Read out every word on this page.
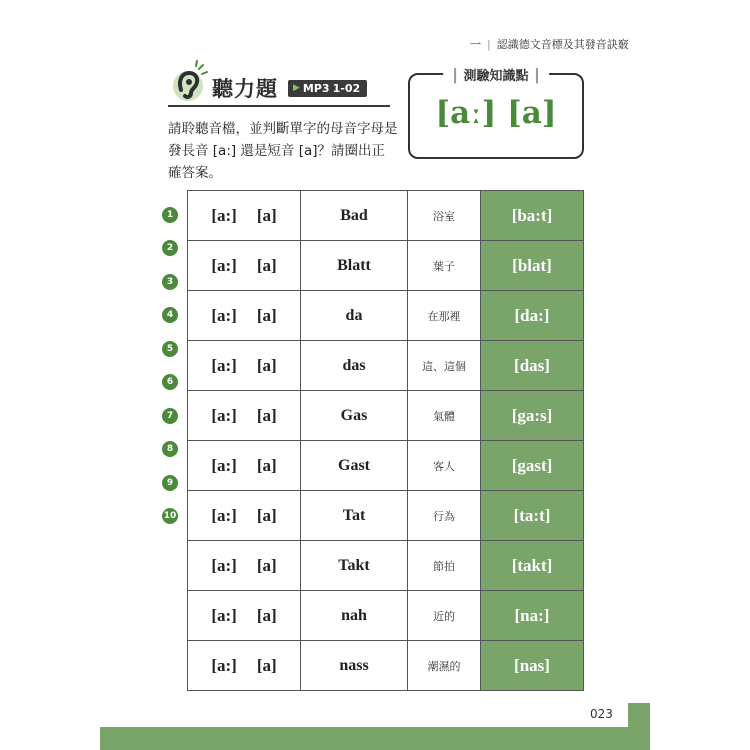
一 | 認識德文音標及其發音訣竅
聽力題 ▶ MP3 1-02
請聆聽音檔，並判斷單字的母音字母是發長音 [a:] 還是短音 [a]？請圈出正確答案。
┃ 測驗知識點 ┃
[aː] [a]
1
2
3
4
5
6
7
8
9
10
[a:] [a]	Bad	浴室	[ba:t]
[a:] [a]	Blatt	葉子	[blat]
[a:] [a]	da	在那裡	[da:]
[a:] [a]	das	這、這個	[das]
[a:] [a]	Gas	氣體	[ga:s]
[a:] [a]	Gast	客人	[gast]
[a:] [a]	Tat	行為	[ta:t]
[a:] [a]	Takt	節拍	[takt]
[a:] [a]	nah	近的	[na:]
[a:] [a]	nass	潮濕的	[nas]
023
